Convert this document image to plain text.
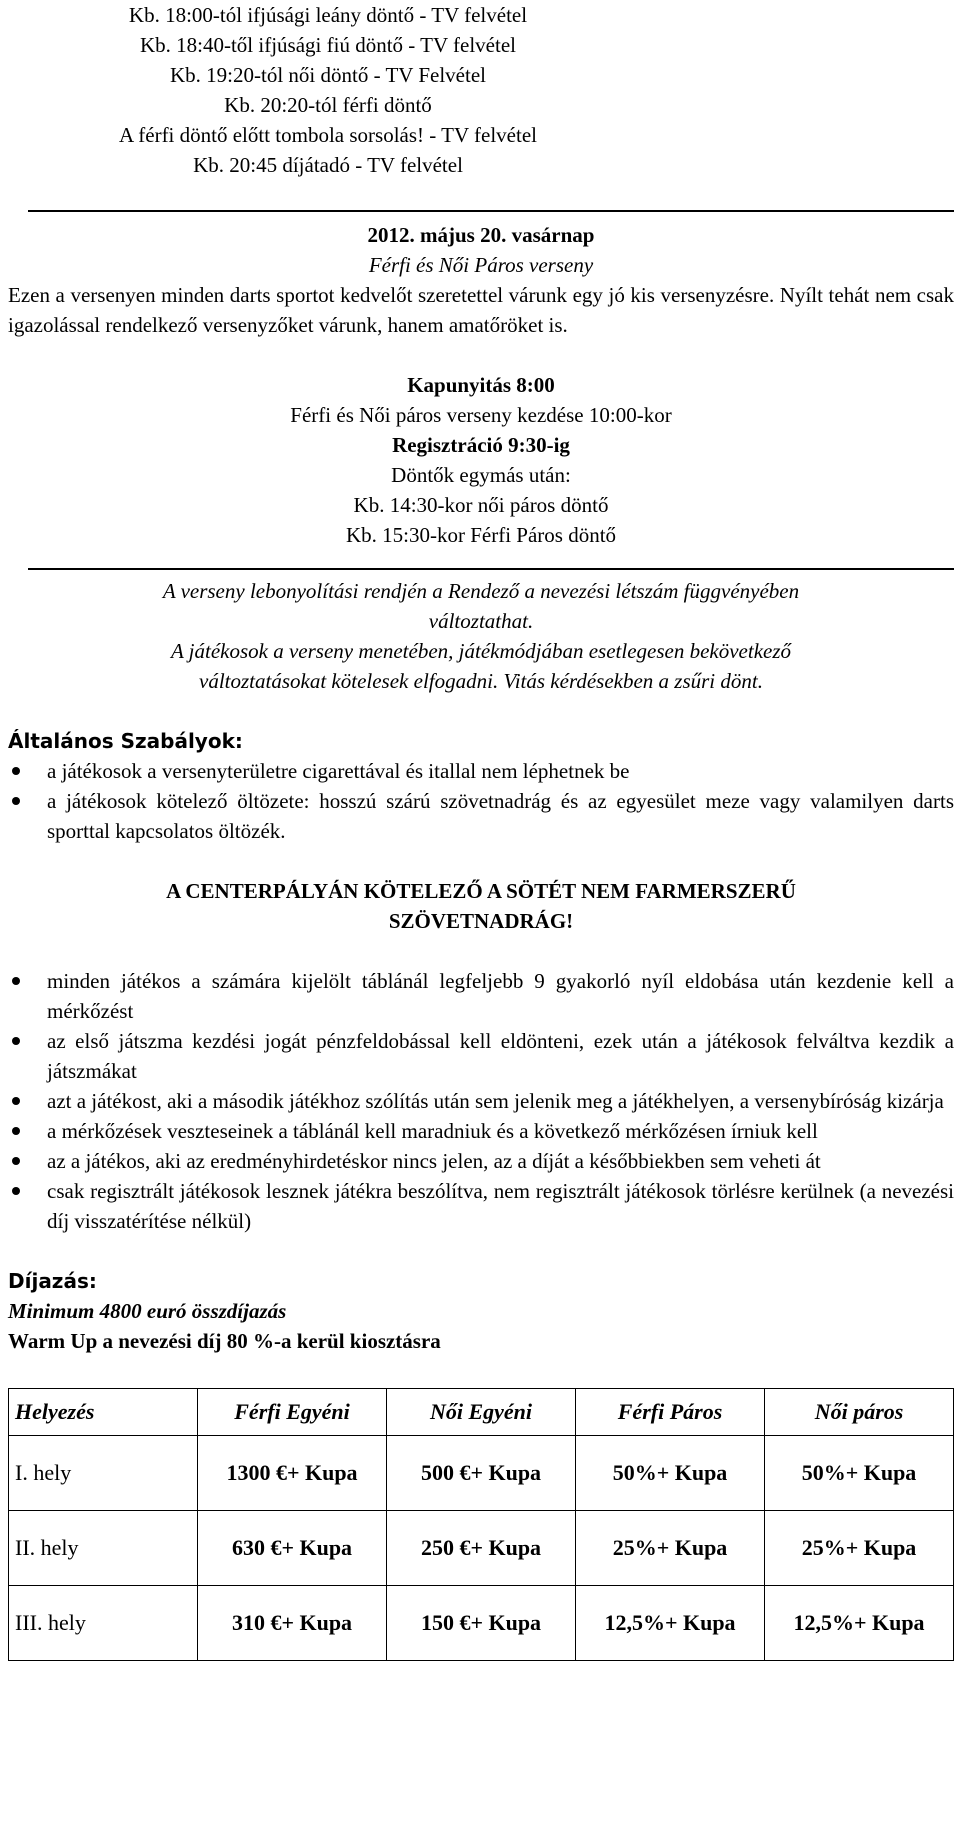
Kb. 18:00-tól ifjúsági leány döntő - TV felvétel
Kb. 18:40-től ifjúsági fiú döntő - TV felvétel
Kb. 19:20-tól női döntő - TV Felvétel
Kb. 20:20-tól férfi döntő
A férfi döntő előtt tombola sorsolás! - TV felvétel
Kb. 20:45 díjátadó - TV felvétel
2012. május 20. vasárnap
Férfi és Női Páros verseny
Ezen a versenyen minden darts sportot kedvelőt szeretettel várunk egy jó kis versenyzésre. Nyílt tehát nem csak igazolással rendelkező versenyzőket várunk, hanem amatőröket is.
Kapunyitás 8:00
Férfi és Női páros verseny kezdése 10:00-kor
Regisztráció 9:30-ig
Döntők egymás után:
Kb. 14:30-kor női páros döntő
Kb. 15:30-kor Férfi Páros döntő
A verseny lebonyolítási rendjén a Rendező a nevezési létszám függvényében
változtathat.
A játékosok a verseny menetében, játékmódjában esetlegesen bekövetkező
változtatásokat kötelesek elfogadni. Vitás kérdésekben a zsűri dönt.
Általános Szabályok:
a játékosok a versenyterületre cigarettával és itallal nem léphetnek be
a játékosok kötelező öltözete: hosszú szárú szövetnadrág és az egyesület meze vagy valamilyen darts sporttal kapcsolatos öltözék.
A CENTERPÁLYÁN KÖTELEZŐ A SÖTÉT NEM FARMERSZERŰ
SZÖVETNADRÁG!
minden játékos a számára kijelölt táblánál legfeljebb 9 gyakorló nyíl eldobása után kezdenie kell a mérkőzést
az első játszma kezdési jogát pénzfeldobással kell eldönteni, ezek után a játékosok felváltva kezdik a játszmákat
azt a játékost, aki a második játékhoz szólítás után sem jelenik meg a játékhelyen, a versenybíróság kizárja
a mérkőzések veszteseinek a táblánál kell maradniuk és a következő mérkőzésen írniuk kell
az a játékos, aki az eredményhirdetéskor nincs jelen, az a díját a későbbiekben sem veheti át
csak regisztrált játékosok lesznek játékra beszólítva, nem regisztrált játékosok törlésre kerülnek (a nevezési díj visszatérítése nélkül)
Díjazás:
Minimum 4800 euró összdíjazás
Warm Up a nevezési díj 80 %-a kerül kiosztásra
Helyezés	Férfi Egyéni	Női Egyéni	Férfi Páros	Női páros
I. hely	1300 €+ Kupa	500 €+ Kupa	50%+ Kupa	50%+ Kupa
II. hely	630 €+ Kupa	250 €+ Kupa	25%+ Kupa	25%+ Kupa
III. hely	310 €+ Kupa	150 €+ Kupa	12,5%+ Kupa	12,5%+ Kupa
